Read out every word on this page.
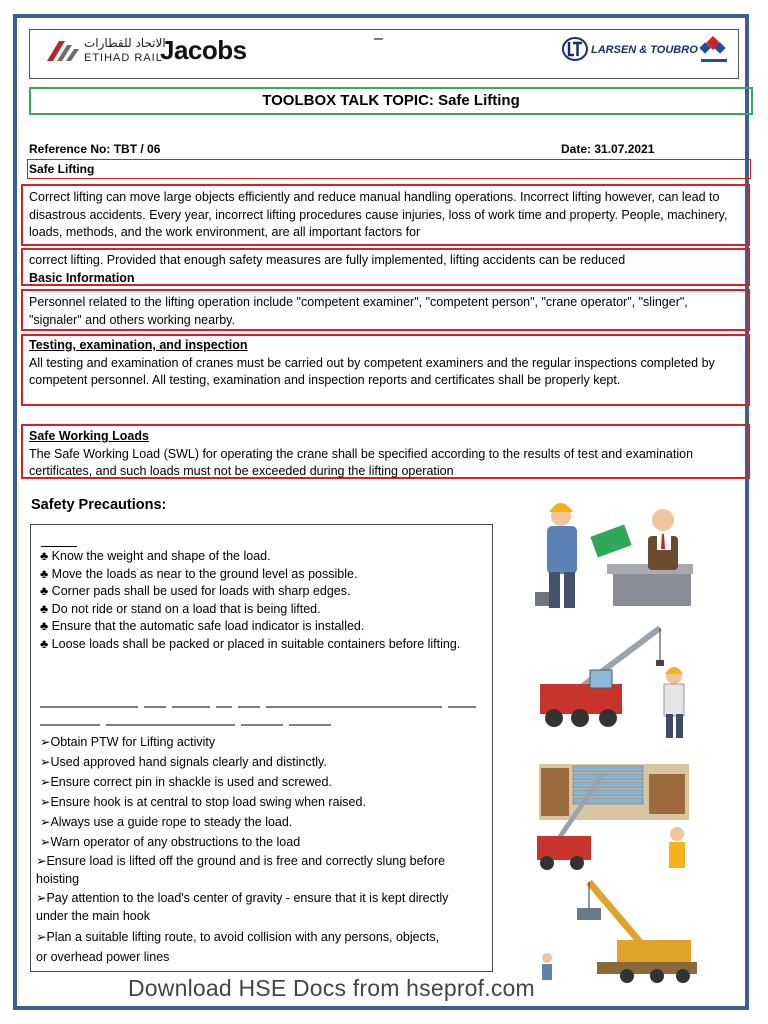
الاتحاد للقطارات
ETIHAD RAIL
Jacobs	–
LARSEN & TOUBRO
TOOLBOX TALK TOPIC: Safe Lifting
Reference No: TBT / 06	Date: 31.07.2021
Safe Lifting
Correct lifting can move large objects efficiently and reduce manual handling operations. Incorrect lifting however, can lead to disastrous accidents. Every year, incorrect lifting procedures cause injuries, loss of work time and property. People, machinery, loads, methods, and the work environment, are all important factors for
correct lifting. Provided that enough safety measures are fully implemented, lifting accidents can be reduced
Basic Information
Personnel related to the lifting operation include "competent examiner", "competent person", "crane operator", "slinger", "signaler" and others working nearby.
Testing, examination, and inspection
All testing and examination of cranes must be carried out by competent examiners and the regular inspections completed by competent personnel. All testing, examination and inspection reports and certificates shall be properly kept.
Safe Working Loads
The Safe Working Load (SWL) for operating the crane shall be specified according to the results of test and examination certificates, and such loads must not be exceeded during the lifting operation
Safety Precautions:
♣ Know the weight and shape of the load.
♣ Move the loads as near to the ground level as possible.
♣ Corner pads shall be used for loads with sharp edges.
♣ Do not ride or stand on a load that is being lifted.
♣ Ensure that the automatic safe load indicator is installed.
♣ Loose loads shall be packed or placed in suitable containers before lifting.
➢Obtain PTW for Lifting activity
➢Used approved hand signals clearly and distinctly.
➢Ensure correct pin in shackle is used and screwed.
➢Ensure hook is at central to stop load swing when raised.
➢Always use a guide rope to steady the load.
➢Warn operator of any obstructions to the load
➢Ensure load is lifted off the ground and is free and correctly slung before hoisting
➢Pay attention to the load's center of gravity - ensure that it is kept directly under the main hook
➢Plan a suitable lifting route, to avoid collision with any persons, objects, or overhead power lines
Download HSE Docs from hseprof.com
